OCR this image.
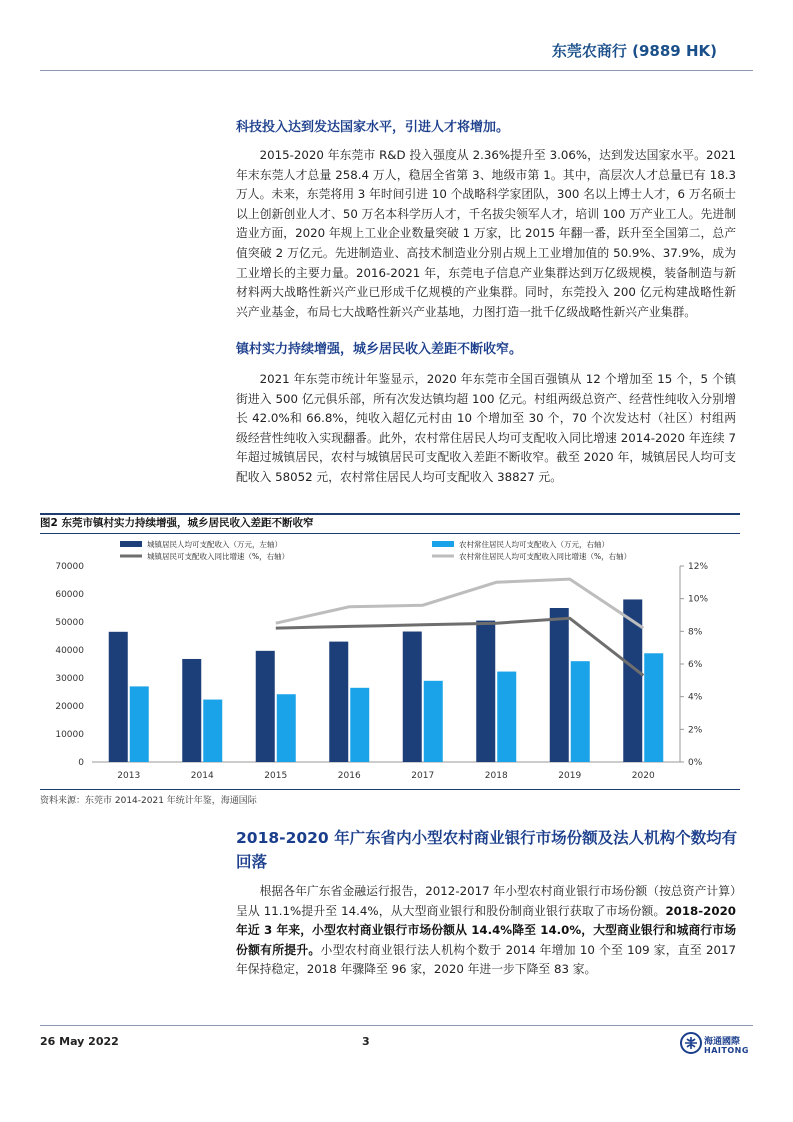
东莞农商行 (9889 HK)
科技投入达到发达国家水平，引进人才将增加。

2015-2020 年东莞市 R&D 投入强度从 2.36%提升至 3.06%，达到发达国家水平。2021 年末东莞人才总量 258.4 万人，稳居全省第 3、地级市第 1。其中，高层次人才总量已有 18.3 万人。未来，东莞将用 3 年时间引进 10 个战略科学家团队，300 名以上博士人才，6 万名硕士以上创新创业人才、50 万名本科学历人才，千名拔尖领军人才，培训 100 万产业工人。先进制造业方面，2020 年规上工业企业数量突破 1 万家，比 2015 年翻一番，跃升至全国第二，总产值突破 2 万亿元。先进制造业、高技术制造业分别占规上工业增加值的 50.9%、37.9%，成为工业增长的主要力量。2016-2021 年，东莞电子信息产业集群达到万亿级规模，装备制造与新材料两大战略性新兴产业已形成千亿规模的产业集群。同时，东莞投入 200 亿元构建战略性新兴产业基金，布局七大战略性新兴产业基地，力图打造一批千亿级战略性新兴产业集群。

镇村实力持续增强，城乡居民收入差距不断收窄。

2021 年东莞市统计年鉴显示，2020 年东莞市全国百强镇从 12 个增加至 15 个，5 个镇街进入 500 亿元俱乐部，所有次发达镇均超 100 亿元。村组两级总资产、经营性纯收入分别增长 42.0%和 66.8%，纯收入超亿元村由 10 个增加至 30 个，70 个次发达村（社区）村组两级经营性纯收入实现翻番。此外，农村常住居民人均可支配收入同比增速 2014-2020 年连续 7 年超过城镇居民，农村与城镇居民可支配收入差距不断收窄。截至 2020 年，城镇居民人均可支配收入 58052 元，农村常住居民人均可支配收入 38827 元。

图2 东莞市镇村实力持续增强，城乡居民收入差距不断收窄
0
10000
20000
30000
40000
50000
60000
70000
0%
2%
4%
6%
8%
10%
12%
2013	2014	2015	2016	2017	2018	2019	2020
城镇居民人均可支配收入（万元，左轴）	农村常住居民人均可支配收入（万元，右轴）
城镇居民可支配收入同比增速（%，右轴）	农村常住居民人均可支配收入同比增速（%，右轴）
资料来源：东莞市 2014-2021 年统计年鉴，海通国际
2018-2020 年广东省内小型农村商业银行市场份额及法人机构个数均有回落

根据各年广东省金融运行报告，2012-2017 年小型农村商业银行市场份额（按总资产计算）呈从 11.1%提升至 14.4%，从大型商业银行和股份制商业银行获取了市场份额。2018-2020 年近 3 年来，小型农村商业银行市场份额从 14.4%降至 14.0%，大型商业银行和城商行市场份额有所提升。小型农村商业银行法人机构个数于 2014 年增加 10 个至 109 家，直至 2017 年保持稳定，2018 年骤降至 96 家，2020 年进一步下降至 83 家。

26 May 2022	3	海通國際
HAITONG
